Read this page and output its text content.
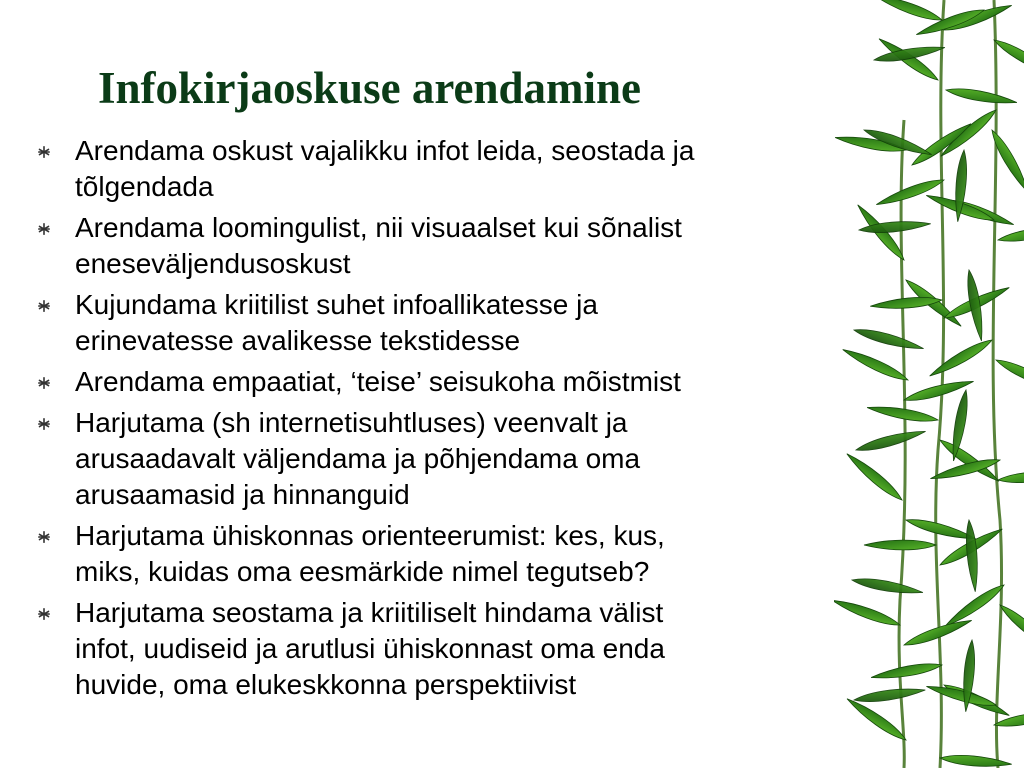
Infokirjaoskuse arendamine
Arendama oskust vajalikku infot leida, seostada ja
tõlgendada
Arendama loomingulist, nii visuaalset kui sõnalist
eneseväljendusoskust
Kujundama kriitilist suhet infoallikatesse ja
erinevatesse avalikesse tekstidesse
Arendama empaatiat, ‘teise’ seisukoha mõistmist
Harjutama (sh internetisuhtluses) veenvalt ja
arusaadavalt väljendama ja põhjendama oma
arusaamasid ja hinnanguid
Harjutama ühiskonnas orienteerumist: kes, kus,
miks, kuidas oma eesmärkide nimel tegutseb?
Harjutama seostama ja kriitiliselt hindama välist
infot, uudiseid ja arutlusi ühiskonnast oma enda
huvide, oma elukeskkonna perspektiivist
